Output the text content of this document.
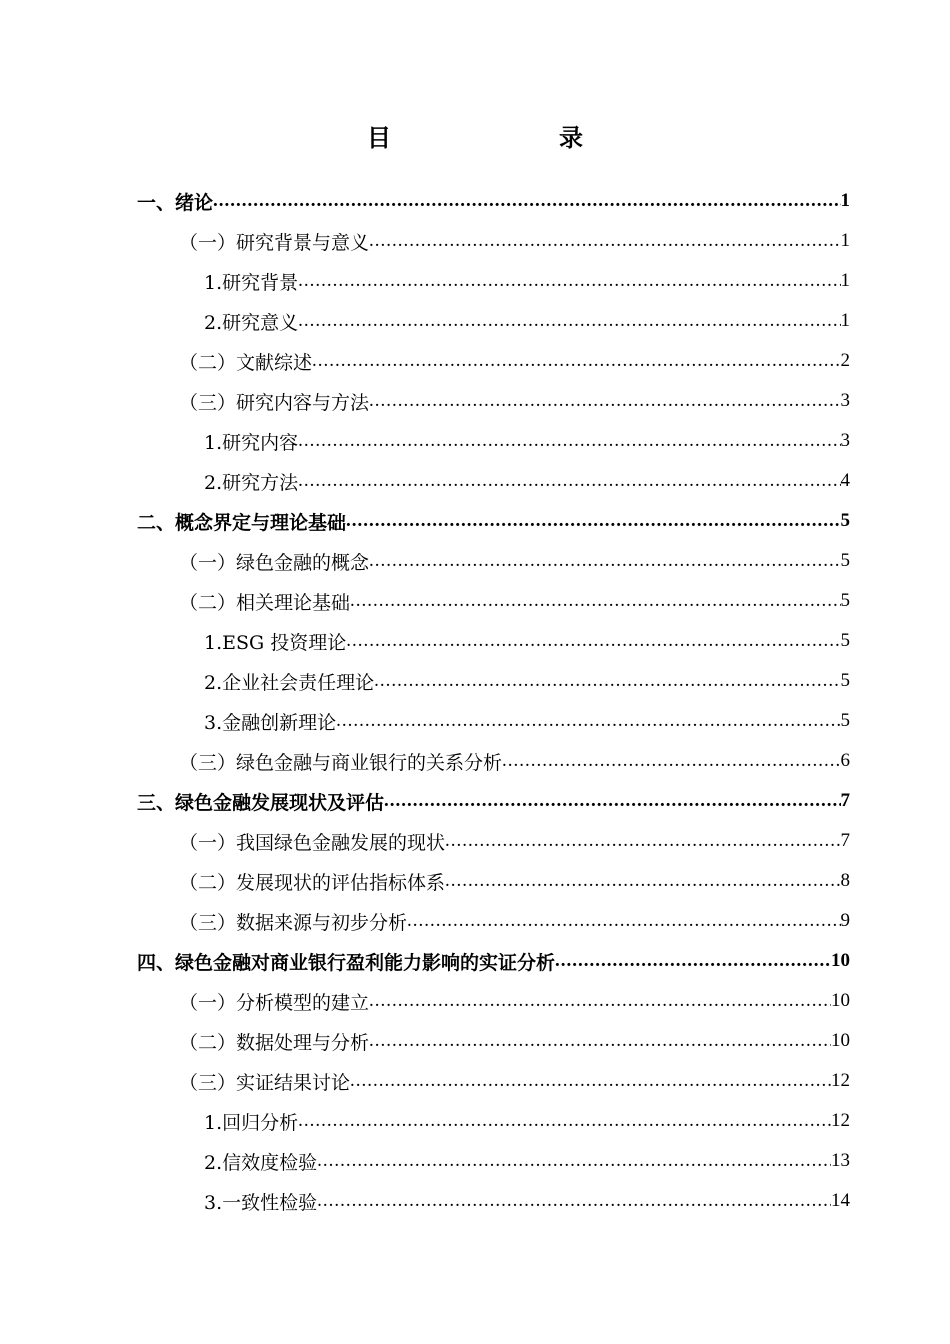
目　　录
一、绪论 .....	1
（一）研究背景与意义 .....	1
1.研究背景 .....	1
2.研究意义 .....	1
（二）文献综述 .....	2
（三）研究内容与方法 .....	3
1.研究内容 .....	3
2.研究方法 .....	4
二、概念界定与理论基础 .....	5
（一）绿色金融的概念 .....	5
（二）相关理论基础 .....	5
1.ESG 投资理论 .....	5
2.企业社会责任理论 .....	5
3.金融创新理论 .....	5
（三）绿色金融与商业银行的关系分析 .....	6
三、绿色金融发展现状及评估 .....	7
（一）我国绿色金融发展的现状 .....	7
（二）发展现状的评估指标体系 .....	8
（三）数据来源与初步分析 .....	9
四、绿色金融对商业银行盈利能力影响的实证分析 .....	10
（一）分析模型的建立 .....	10
（二）数据处理与分析 .....	10
（三）实证结果讨论 .....	12
1.回归分析 .....	12
2.信效度检验 .....	13
3.一致性检验 .....	14
